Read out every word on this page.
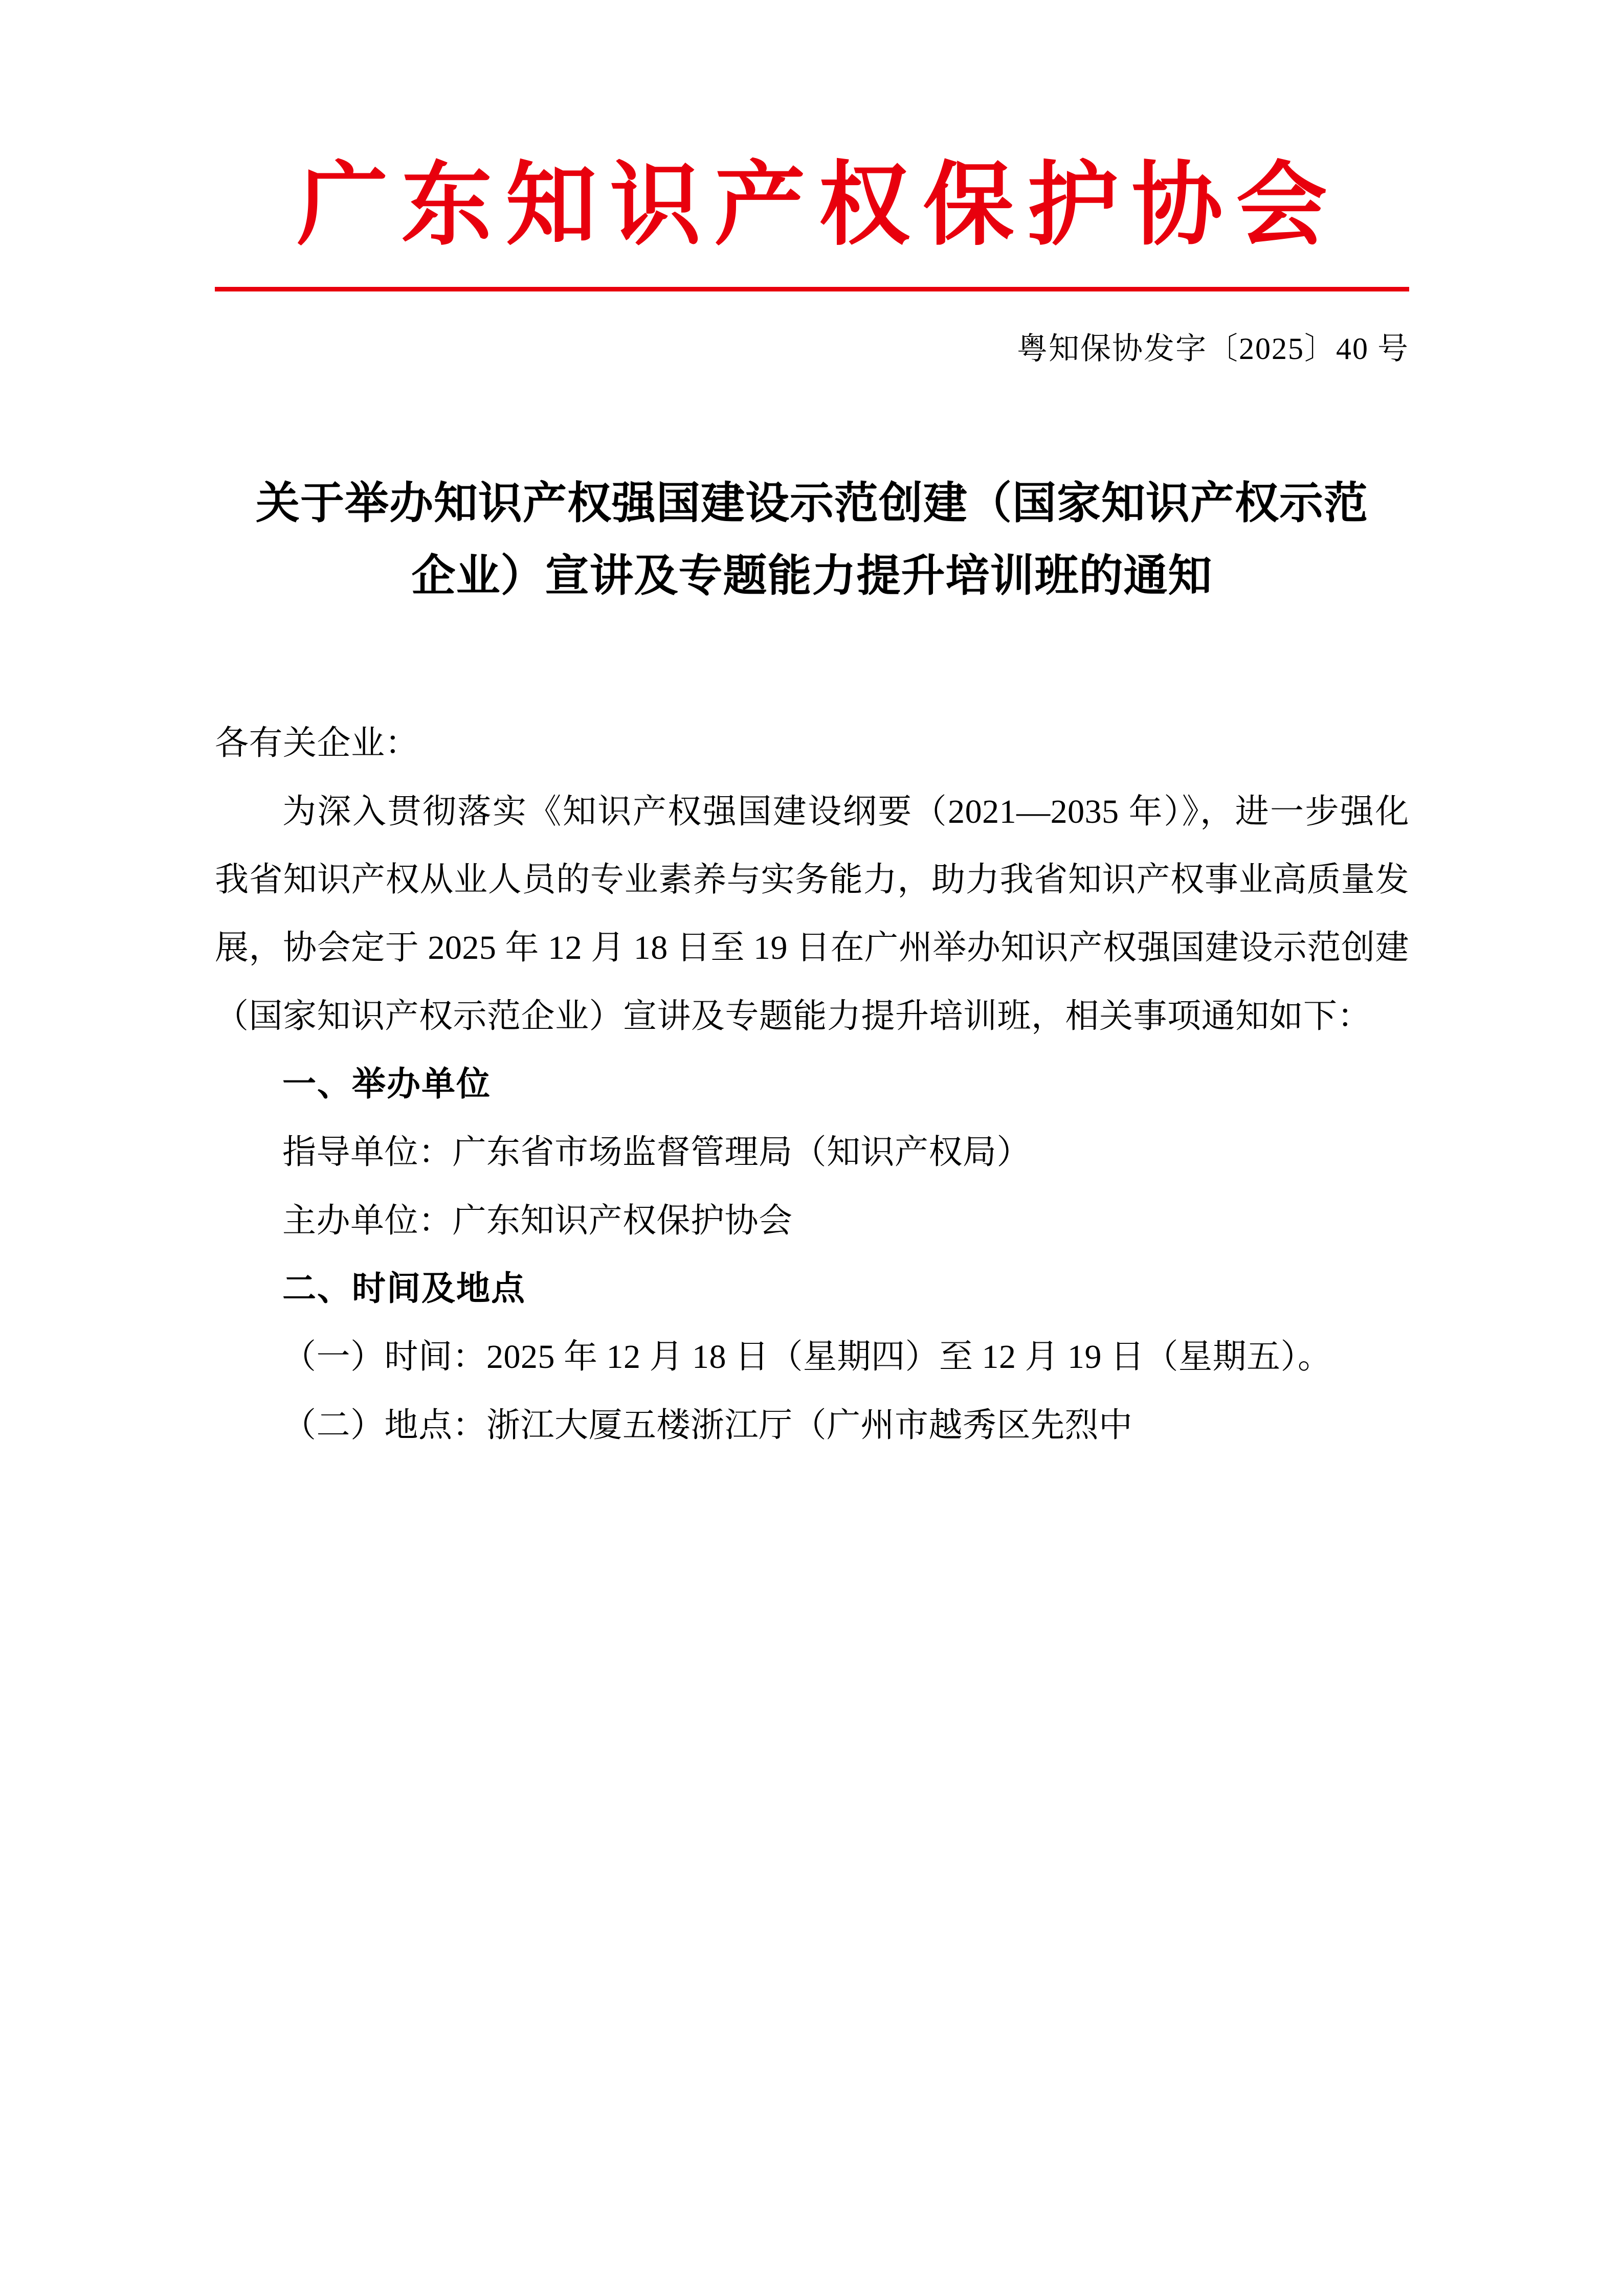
广东知识产权保护协会
粤知保协发字〔2025〕40 号
关于举办知识产权强国建设示范创建（国家知识产权示范企业）宣讲及专题能力提升培训班的通知

各有关企业：

为深入贯彻落实《知识产权强国建设纲要（2021—2035 年）》，进一步强化我省知识产权从业人员的专业素养与实务能力，助力我省知识产权事业高质量发展，协会定于 2025 年 12 月 18 日至 19 日在广州举办知识产权强国建设示范创建（国家知识产权示范企业）宣讲及专题能力提升培训班，相关事项通知如下：

一、举办单位

指导单位：广东省市场监督管理局（知识产权局）

主办单位：广东知识产权保护协会

二、时间及地点

（一）时间：2025 年 12 月 18 日（星期四）至 12 月 19 日（星期五）。

（二）地点：浙江大厦五楼浙江厅（广州市越秀区先烈中
